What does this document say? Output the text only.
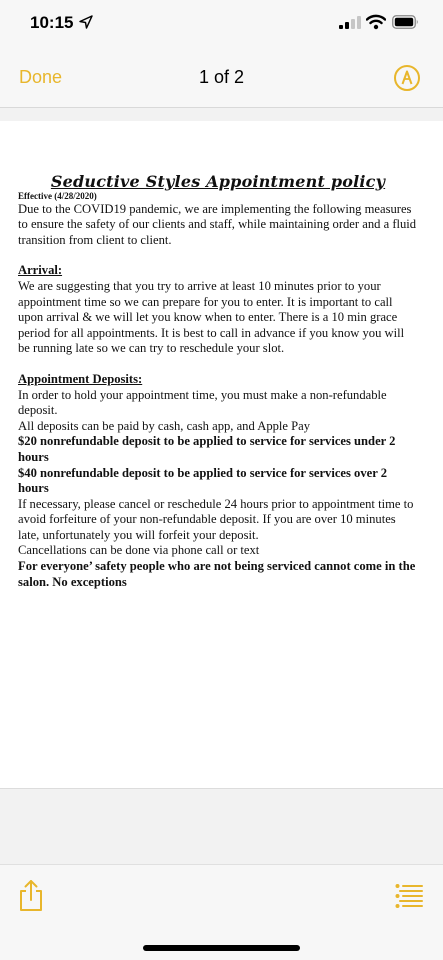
10:15
Done	1 of 2

Seductive Styles Appointment policy

Effective (4/28/2020)

Due to the COVID19 pandemic, we are implementing the following measures to ensure the safety of our clients and staff, while maintaining order and a fluid transition from client to client.

Arrival:

We are suggesting that you try to arrive at least 10 minutes prior to your appointment time so we can prepare for you to enter. It is important to call upon arrival & we will let you know when to enter. There is a 10 min grace period for all appointments. It is best to call in advance if you know you will be running late so we can try to reschedule your slot.

Appointment Deposits:

In order to hold your appointment time, you must make a non-refundable deposit.

All deposits can be paid by cash, cash app, and Apple Pay

$20 nonrefundable deposit to be applied to service for services under 2 hours

$40 nonrefundable deposit to be applied to service for services over 2 hours

If necessary, please cancel or reschedule 24 hours prior to appointment time to avoid forfeiture of your non-refundable deposit. If you are over 10 minutes late, unfortunately you will forfeit your deposit.

Cancellations can be done via phone call or text

For everyone’ safety people who are not being serviced cannot come in the salon. No exceptions
